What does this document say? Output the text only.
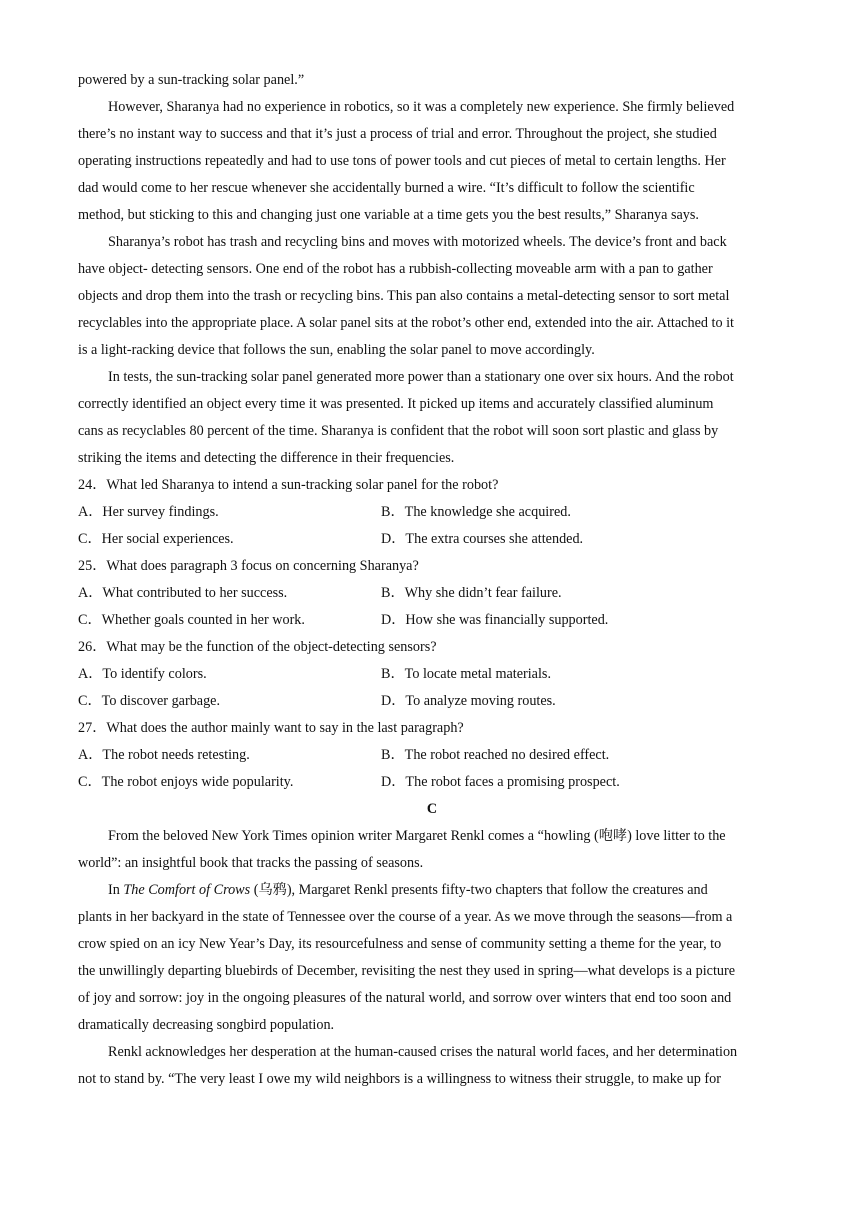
powered by a sun-tracking solar panel.”
However, Sharanya had no experience in robotics, so it was a completely new experience. She firmly believed
there’s no instant way to success and that it’s just a process of trial and error. Throughout the project, she studied
operating instructions repeatedly and had to use tons of power tools and cut pieces of metal to certain lengths. Her
dad would come to her rescue whenever she accidentally burned a wire. “It’s difficult to follow the scientific
method, but sticking to this and changing just one variable at a time gets you the best results,” Sharanya says.
Sharanya’s robot has trash and recycling bins and moves with motorized wheels. The device’s front and back
have object- detecting sensors. One end of the robot has a rubbish-collecting moveable arm with a pan to gather
objects and drop them into the trash or recycling bins. This pan also contains a metal-detecting sensor to sort metal
recyclables into the appropriate place. A solar panel sits at the robot’s other end, extended into the air. Attached to it
is a light-racking device that follows the sun, enabling the solar panel to move accordingly.
In tests, the sun-tracking solar panel generated more power than a stationary one over six hours. And the robot
correctly identified an object every time it was presented. It picked up items and accurately classified aluminum
cans as recyclables 80 percent of the time. Sharanya is confident that the robot will soon sort plastic and glass by
striking the items and detecting the difference in their frequencies.
24．What led Sharanya to intend a sun-tracking solar panel for the robot?
A．Her survey findings.	B．The knowledge she acquired.
C．Her social experiences.	D．The extra courses she attended.
25．What does paragraph 3 focus on concerning Sharanya?
A．What contributed to her success.	B．Why she didn’t fear failure.
C．Whether goals counted in her work.	D．How she was financially supported.
26．What may be the function of the object-detecting sensors?
A．To identify colors.	B．To locate metal materials.
C．To discover garbage.	D．To analyze moving routes.
27．What does the author mainly want to say in the last paragraph?
A．The robot needs retesting.	B．The robot reached no desired effect.
C．The robot enjoys wide popularity.	D．The robot faces a promising prospect.
C
From the beloved New York Times opinion writer Margaret Renkl comes a “howling (咆哮) love litter to the
world”: an insightful book that tracks the passing of seasons.
In The Comfort of Crows (乌鸦), Margaret Renkl presents fifty-two chapters that follow the creatures and
plants in her backyard in the state of Tennessee over the course of a year. As we move through the seasons—from a
crow spied on an icy New Year’s Day, its resourcefulness and sense of community setting a theme for the year, to
the unwillingly departing bluebirds of December, revisiting the nest they used in spring—what develops is a picture
of joy and sorrow: joy in the ongoing pleasures of the natural world, and sorrow over winters that end too soon and
dramatically decreasing songbird population.
Renkl acknowledges her desperation at the human-caused crises the natural world faces, and her determination
not to stand by. “The very least I owe my wild neighbors is a willingness to witness their struggle, to make up for
